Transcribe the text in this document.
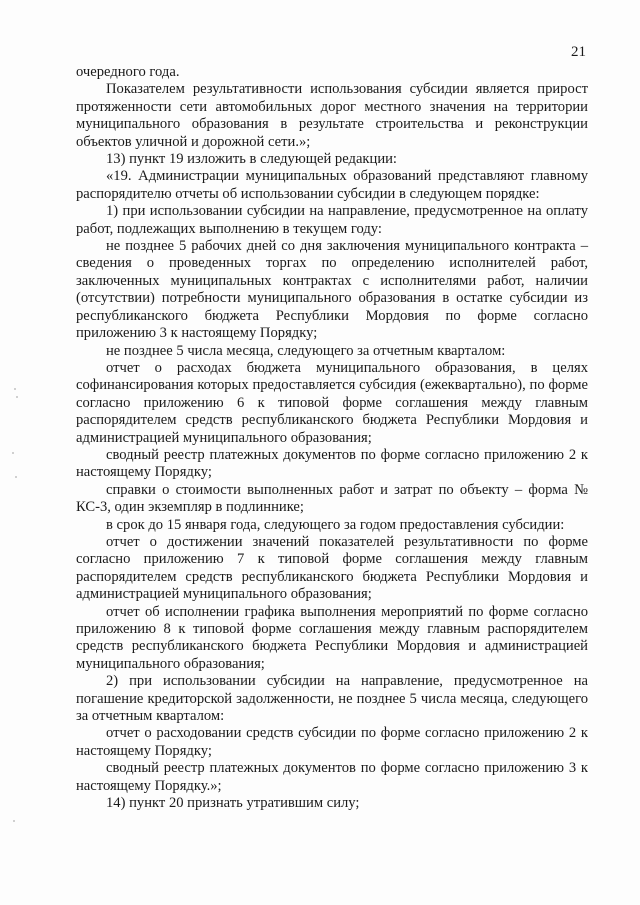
21

очередного года.

Показателем результативности использования субсидии является прирост протяженности сети автомобильных дорог местного значения на территории муниципального образования в результате строительства и реконструкции объектов уличной и дорожной сети.»;

13) пункт 19 изложить в следующей редакции:

«19. Администрации муниципальных образований представляют главному распорядителю отчеты об использовании субсидии в следующем порядке:

1) при использовании субсидии на направление, предусмотренное на оплату работ, подлежащих выполнению в текущем году:

не позднее 5 рабочих дней со дня заключения муниципального контракта – сведения о проведенных торгах по определению исполнителей работ, заключенных муниципальных контрактах с исполнителями работ, наличии (отсутствии) потребности муниципального образования в остатке субсидии из республиканского бюджета Республики Мордовия по форме согласно приложению 3 к настоящему Порядку;

не позднее 5 числа месяца, следующего за отчетным кварталом:

отчет о расходах бюджета муниципального образования, в целях софинансирования которых предоставляется субсидия (ежеквартально), по форме согласно приложению 6 к типовой форме соглашения между главным распорядителем средств республиканского бюджета Республики Мордовия и администрацией муниципального образования;

сводный реестр платежных документов по форме согласно приложению 2 к настоящему Порядку;

справки о стоимости выполненных работ и затрат по объекту – форма № КС-3, один экземпляр в подлиннике;

в срок до 15 января года, следующего за годом предоставления субсидии:

отчет о достижении значений показателей результативности по форме согласно приложению 7 к типовой форме соглашения между главным распорядителем средств республиканского бюджета Республики Мордовия и администрацией муниципального образования;

отчет об исполнении графика выполнения мероприятий по форме согласно приложению 8 к типовой форме соглашения между главным распорядителем средств республиканского бюджета Республики Мордовия и администрацией муниципального образования;

2) при использовании субсидии на направление, предусмотренное на погашение кредиторской задолженности, не позднее 5 числа месяца, следующего за отчетным кварталом:

отчет о расходовании средств субсидии по форме согласно приложению 2 к настоящему Порядку;

сводный реестр платежных документов по форме согласно приложению 3 к настоящему Порядку.»;

14) пункт 20 признать утратившим силу;
